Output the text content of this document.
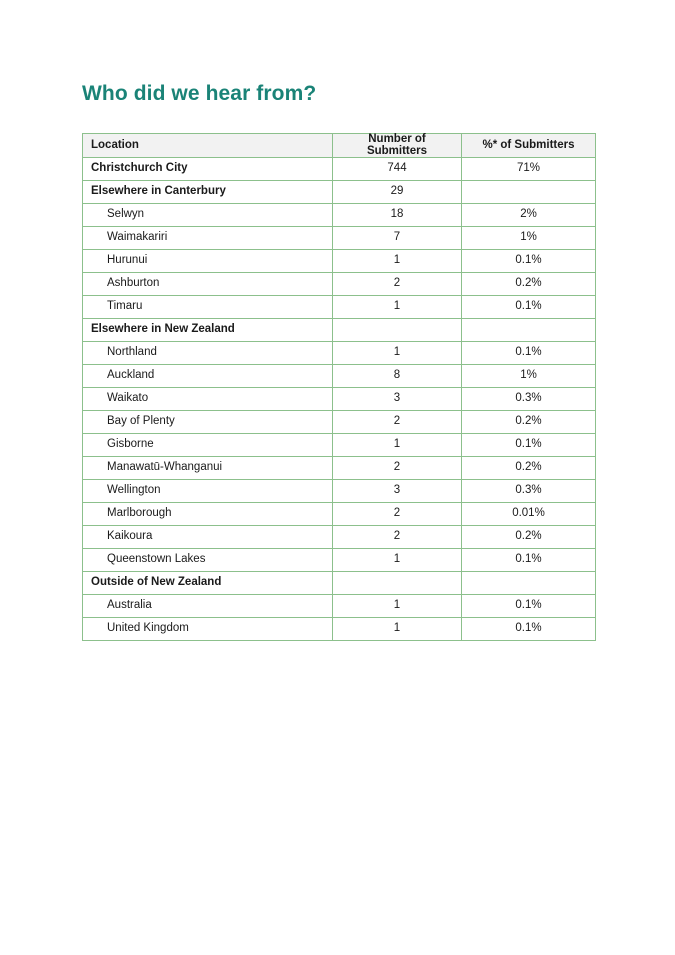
Who did we hear from?
Location	Number of Submitters	%* of Submitters
Christchurch City	744	71%
Elsewhere in Canterbury	29	
Selwyn	18	2%
Waimakariri	7	1%
Hurunui	1	0.1%
Ashburton	2	0.2%
Timaru	1	0.1%
Elsewhere in New Zealand		
Northland	1	0.1%
Auckland	8	1%
Waikato	3	0.3%
Bay of Plenty	2	0.2%
Gisborne	1	0.1%
Manawatū-Whanganui	2	0.2%
Wellington	3	0.3%
Marlborough	2	0.01%
Kaikoura	2	0.2%
Queenstown Lakes	1	0.1%
Outside of New Zealand		
Australia	1	0.1%
United Kingdom	1	0.1%
